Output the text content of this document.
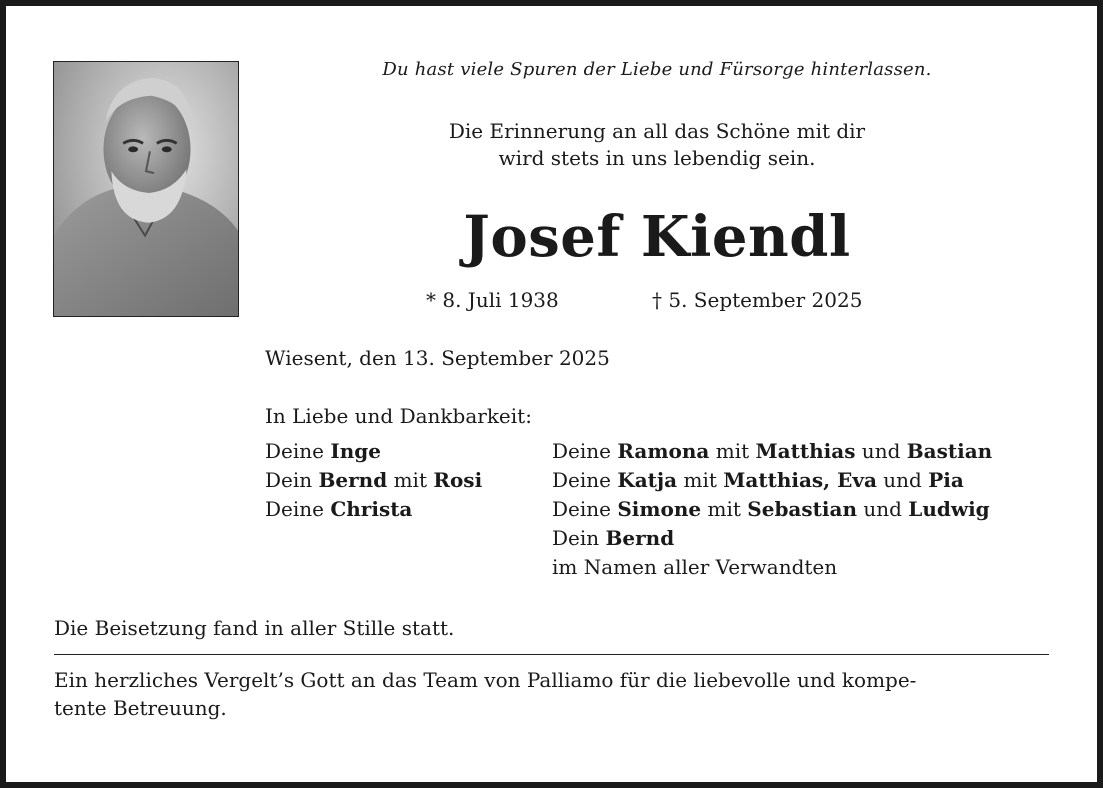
Du hast viele Spuren der Liebe und Fürsorge hinterlassen.
Die Erinnerung an all das Schöne mit dir
wird stets in uns lebendig sein.
Josef Kiendl
* 8. Juli 1938	† 5. September 2025
Wiesent, den 13. September 2025
In Liebe und Dankbarkeit:
Deine Inge
Dein Bernd mit Rosi
Deine Christa
Deine Ramona mit Matthias und Bastian
Deine Katja mit Matthias, Eva und Pia
Deine Simone mit Sebastian und Ludwig
Dein Bernd
im Namen aller Verwandten
Die Beisetzung fand in aller Stille statt.
Ein herzliches Vergelt’s Gott an das Team von Palliamo für die liebevolle und kompe-
tente Betreuung.
